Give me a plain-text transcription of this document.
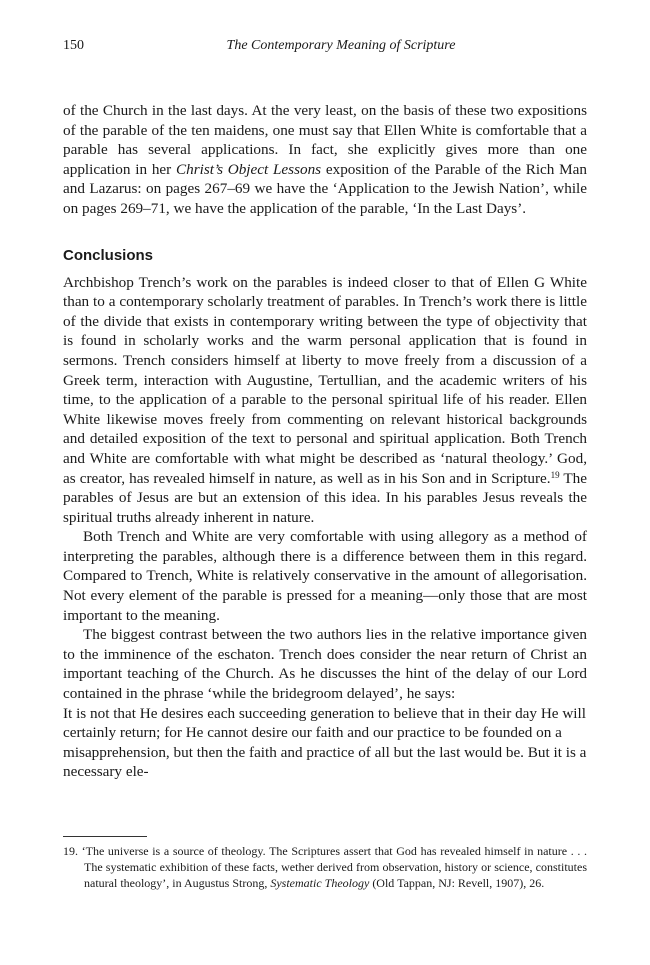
150	The Contemporary Meaning of Scripture

of the Church in the last days. At the very least, on the basis of these two expositions of the parable of the ten maidens, one must say that Ellen White is comfortable that a parable has several applications. In fact, she explicitly gives more than one application in her Christ’s Object Lessons exposition of the Parable of the Rich Man and Lazarus: on pages 267–69 we have the ‘Application to the Jewish Nation’, while on pages 269–71, we have the application of the parable, ‘In the Last Days’.

Conclusions

Archbishop Trench’s work on the parables is indeed closer to that of Ellen G White than to a contemporary scholarly treatment of parables. In Trench’s work there is little of the divide that exists in contemporary writing between the type of objectivity that is found in scholarly works and the warm personal application that is found in sermons. Trench considers himself at liberty to move freely from a discussion of a Greek term, interaction with Augustine, Tertullian, and the academic writers of his time, to the application of a parable to the personal spiritual life of his reader. Ellen White likewise moves freely from commenting on relevant historical backgrounds and detailed exposition of the text to personal and spiritual application. Both Trench and White are comfortable with what might be described as ‘natural theology.’ God, as creator, has revealed himself in nature, as well as in his Son and in Scripture.$^{19}$ The parables of Jesus are but an extension of this idea. In his parables Jesus reveals the spiritual truths already inherent in nature.

Both Trench and White are very comfortable with using allegory as a method of interpreting the parables, although there is a difference between them in this regard. Compared to Trench, White is relatively conservative in the amount of allegorisation. Not every element of the parable is pressed for a meaning—only those that are most important to the meaning.

The biggest contrast between the two authors lies in the relative importance given to the imminence of the eschaton. Trench does consider the near return of Christ an important teaching of the Church. As he discusses the hint of the delay of our Lord contained in the phrase ‘while the bridegroom delayed’, he says:

It is not that He desires each succeeding generation to believe that in their day He will certainly return; for He cannot desire our faith and our practice to be founded on a misapprehension, but then the faith and practice of all but the last would be. But it is a necessary ele-

19. ‘The universe is a source of theology. The Scriptures assert that God has revealed himself in nature . . . The systematic exhibition of these facts, wether derived from observation, history or science, constitutes natural theology’, in Augustus Strong, Systematic Theology (Old Tappan, NJ: Revell, 1907), 26.
